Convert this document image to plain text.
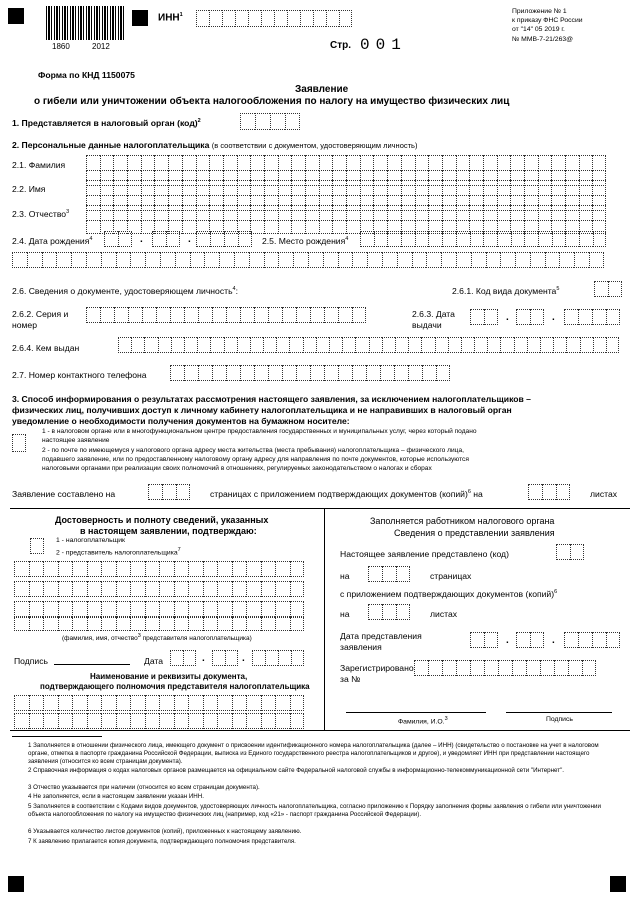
1860	2012
ИНН$^1$
Стр. 001
Приложение № 1
к приказу ФНС России
от "14" 05 2019 г.
№ ММВ-7-21/263@
Форма по КНД 1150075
Заявление
о гибели или уничтожении объекта налогообложения по налогу на имущество физических лиц
1. Представляется в налоговый орган (код)$^2$
2. Персональные данные налогоплательщика (в соответствии с документом, удостоверяющим личность)
2.1. Фамилия
2.2. Имя
2.3. Отчество$^3$
2.4. Дата рождения$^4$	.	.	2.5. Место рождения$^4$
2.6. Сведения о документе, удостоверяющем личность$^4$:	2.6.1. Код вида документа$^5$
2.6.2. Серия и
номер
2.6.3. Дата
выдачи
.	.
2.6.4. Кем выдан
2.7. Номер контактного телефона
3. Способ информирования о результатах рассмотрения настоящего заявления, за исключением налогоплательщиков –
физических лиц, получивших доступ к личному кабинету налогоплательщика и не направивших в налоговый орган
уведомление о необходимости получения документов на бумажном носителе:
1 - в налоговом органе или в многофункциональном центре предоставления государственных и муниципальных услуг, через который подано
настоящее заявление
2 - по почте по имеющемуся у налогового органа адресу места жительства (места пребывания) налогоплательщика – физического лица,
подавшего заявление, или по предоставленному налоговому органу адресу для направления по почте документов, которые используются
налоговыми органами при реализации своих полномочий в отношениях, регулируемых законодательством о налогах и сборах
Заявление составлено на	страницах с приложением подтверждающих документов (копий)$^6$ на	листах
Достоверность и полноту сведений, указанных
в настоящем заявлении, подтверждаю:
1 - налогоплательщик
2 - представитель налогоплательщика$^7$
(фамилия, имя, отчество$^3$ представителя налогоплательщика)
Подпись	Дата	.	.
Наименование и реквизиты документа,
подтверждающего полномочия представителя налогоплательщика
Заполняется работником налогового органа
Сведения о представлении заявления
Настоящее заявление представлено (код)
на	страницах
с приложением подтверждающих документов (копий)$^6$
на	листах
Дата представления
заявления
.	.
Зарегистрировано
за №
Фамилия, И.О.$^3$	Подпись
1 Заполняется в отношении физического лица, имеющего документ о присвоении идентификационного номера налогоплательщика (далее – ИНН) (свидетельство о постановке на учет в налоговом органе, отметка в паспорте гражданина Российской Федерации, выписка из Единого государственного реестра налогоплательщиков и другое), и уведомляет ИНН при представлении настоящего заявления (относится ко всем страницам документа).
2 Справочная информация о кодах налоговых органов размещается на официальном сайте Федеральной налоговой службы в информационно-телекоммуникационной сети "Интернет".
3 Отчество указывается при наличии (относится ко всем страницам документа).
4 Не заполняется, если в настоящем заявлении указан ИНН.
5 Заполняется в соответствии с Кодами видов документов, удостоверяющих личность налогоплательщика, согласно приложению к Порядку заполнения формы заявления о гибели или уничтожении объекта налогообложения по налогу на имущество физических лиц (например, код «21» - паспорт гражданина Российской Федерации).
6 Указывается количество листов документов (копий), приложенных к настоящему заявлению.
7 К заявлению прилагается копия документа, подтверждающего полномочия представителя.
